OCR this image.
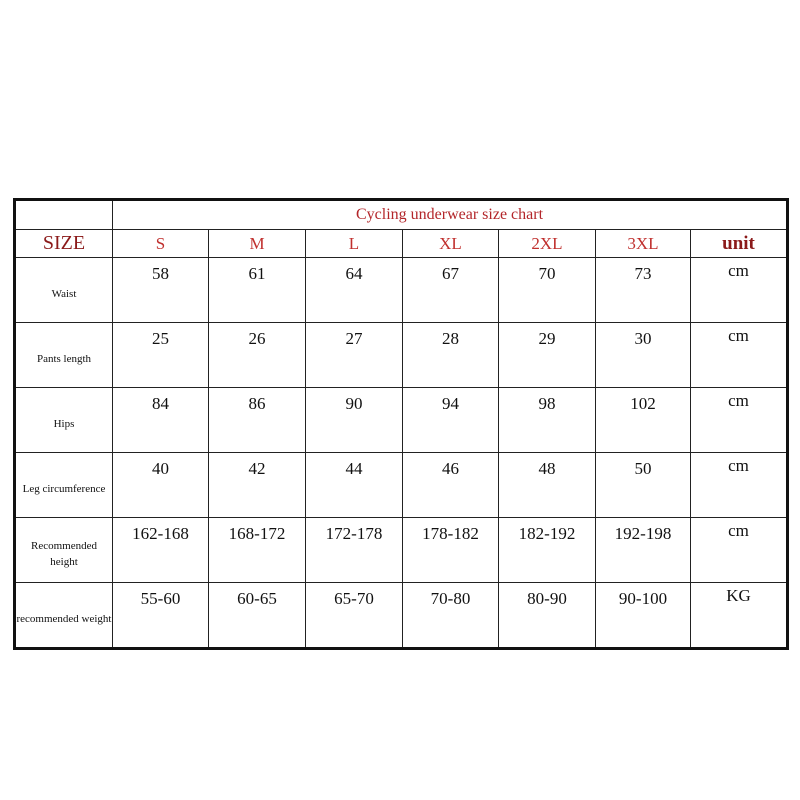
	Cycling underwear size chart						
SIZE	S	M	L	XL	2XL	3XL	unit
Waist	58	61	64	67	70	73	cm
Pants length	25	26	27	28	29	30	cm
Hips	84	86	90	94	98	102	cm
Leg circumference	40	42	44	46	48	50	cm
Recommended height	162-168	168-172	172-178	178-182	182-192	192-198	cm
recommended weight	55-60	60-65	65-70	70-80	80-90	90-100	KG
